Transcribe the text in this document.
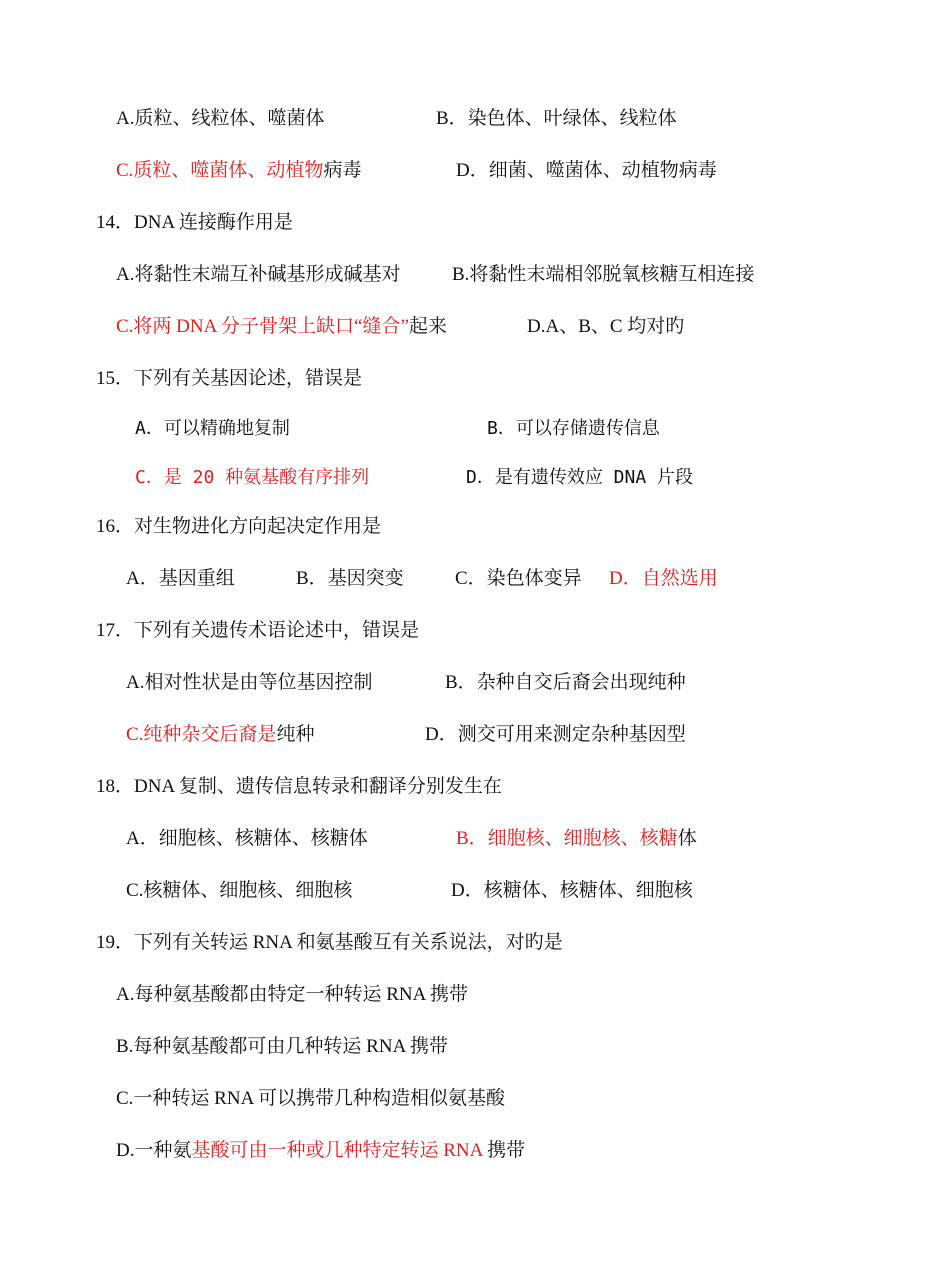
A.质粒、线粒体、噬菌体	B．染色体、叶绿体、线粒体
C.质粒、噬菌体、动植物病毒	D．细菌、噬菌体、动植物病毒
14．DNA 连接酶作用是
A.将黏性末端互补碱基形成碱基对	B.将黏性末端相邻脱氧核糖互相连接
C.将两 DNA 分子骨架上缺口“缝合”起来	D.A、B、C 均对旳
15．下列有关基因论述，错误是
A．可以精确地复制	B．可以存储遗传信息
C．是 20 种氨基酸有序排列	D．是有遗传效应 DNA 片段
16．对生物进化方向起决定作用是
A．基因重组	B．基因突变	C．染色体变异 D．自然选用
17．下列有关遗传术语论述中，错误是
A.相对性状是由等位基因控制	B．杂种自交后裔会出现纯种
C.纯种杂交后裔是纯种	D．测交可用来测定杂种基因型
18．DNA 复制、遗传信息转录和翻译分别发生在
A．细胞核、核糖体、核糖体	B．细胞核、细胞核、核糖体
C.核糖体、细胞核、细胞核	D．核糖体、核糖体、细胞核
19．下列有关转运 RNA 和氨基酸互有关系说法，对旳是
A.每种氨基酸都由特定一种转运 RNA 携带
B.每种氨基酸都可由几种转运 RNA 携带
C.一种转运 RNA 可以携带几种构造相似氨基酸
D.一种氨基酸可由一种或几种特定转运 RNA 携带
